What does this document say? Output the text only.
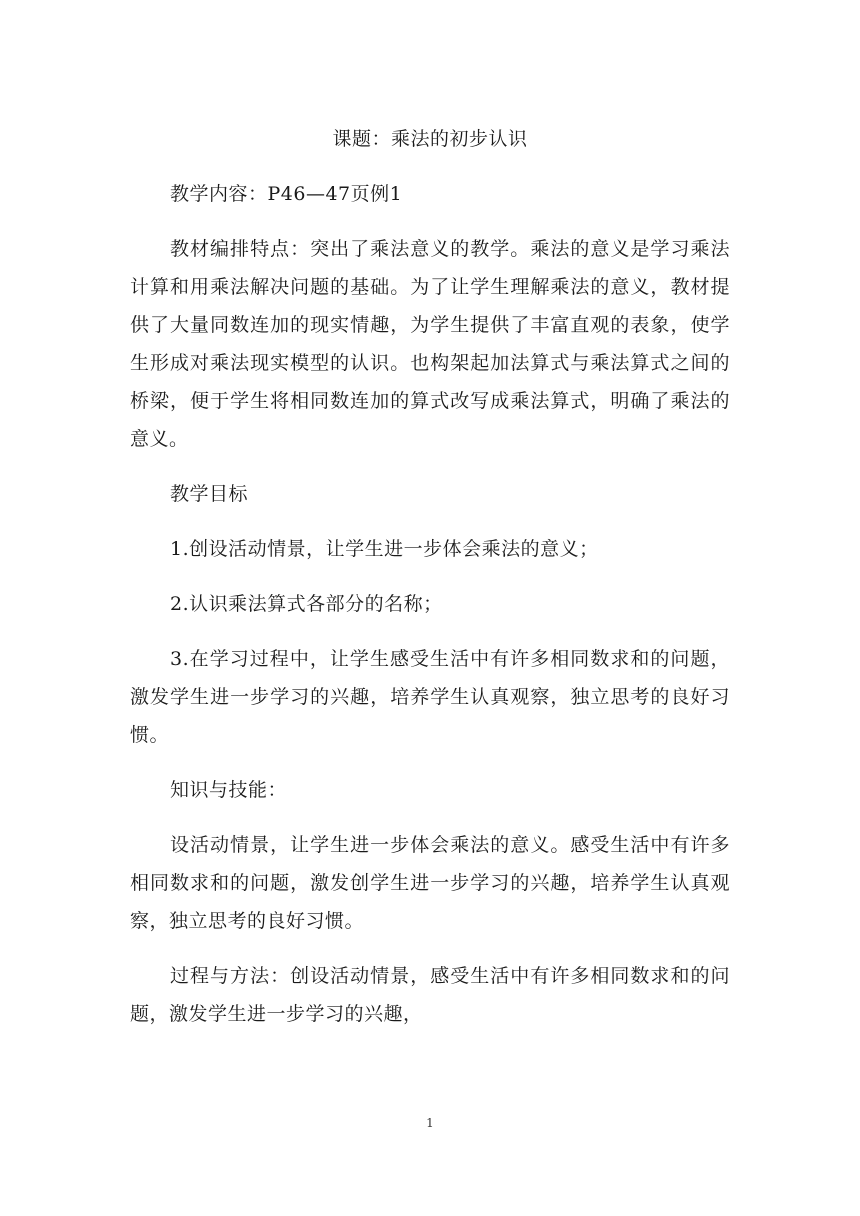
课题：乘法的初步认识

教学内容：P46—47页例1

教材编排特点：突出了乘法意义的教学。乘法的意义是学习乘法计算和用乘法解决问题的基础。为了让学生理解乘法的意义，教材提供了大量同数连加的现实情趣，为学生提供了丰富直观的表象，使学生形成对乘法现实模型的认识。也构架起加法算式与乘法算式之间的桥梁，便于学生将相同数连加的算式改写成乘法算式，明确了乘法的意义。

教学目标

1.创设活动情景，让学生进一步体会乘法的意义；

2.认识乘法算式各部分的名称；

3.在学习过程中，让学生感受生活中有许多相同数求和的问题，激发学生进一步学习的兴趣，培养学生认真观察，独立思考的良好习惯。

知识与技能：

设活动情景，让学生进一步体会乘法的意义。感受生活中有许多相同数求和的问题，激发创学生进一步学习的兴趣，培养学生认真观察，独立思考的良好习惯。

过程与方法：创设活动情景，感受生活中有许多相同数求和的问题，激发学生进一步学习的兴趣，

1
